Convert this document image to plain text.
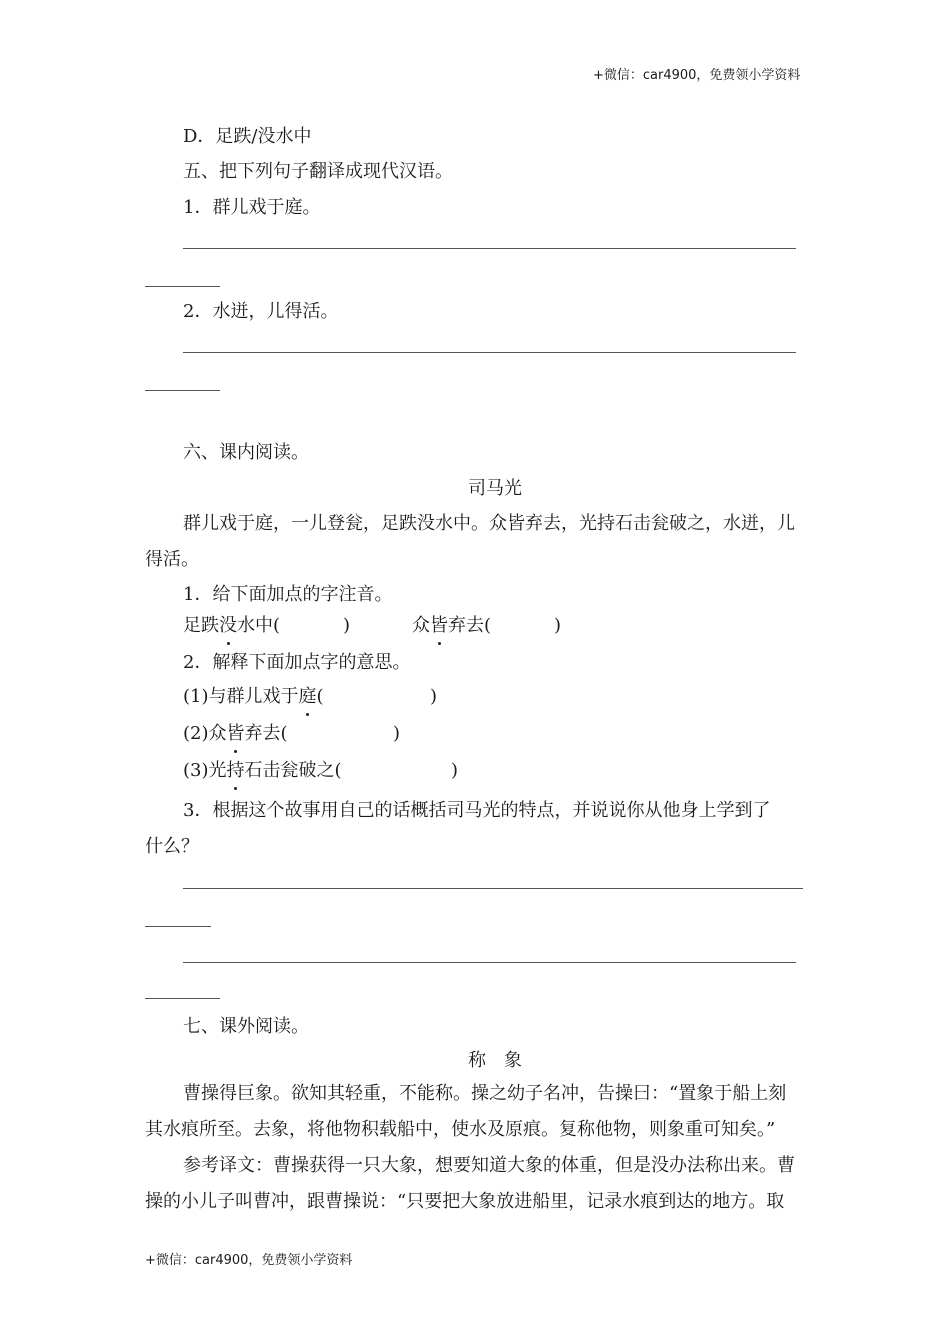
+微信：car4900，免费领小学资料
D．足跌/没水中
五、把下列句子翻译成现代汉语。
1．群儿戏于庭。
2．水迸，儿得活。
六、课内阅读。
司马光
群儿戏于庭，一儿登瓮，足跌没水中。众皆弃去，光持石击瓮破之，水迸，儿
得活。
1．给下面加点的字注音。
足跌没水中(	)	众皆弃去(	)
2．解释下面加点字的意思。
(1)与群儿戏于庭(	)
(2)众皆弃去(	)
(3)光持石击瓮破之(	)
3．根据这个故事用自己的话概括司马光的特点，并说说你从他身上学到了
什么？
七、课外阅读。
称　象
曹操得巨象。欲知其轻重，不能称。操之幼子名冲，告操曰：“置象于船上刻
其水痕所至。去象，将他物积载船中，使水及原痕。复称他物，则象重可知矣。”
参考译文：曹操获得一只大象，想要知道大象的体重，但是没办法称出来。曹
操的小儿子叫曹冲，跟曹操说：“只要把大象放进船里，记录水痕到达的地方。取
+微信：car4900，免费领小学资料
